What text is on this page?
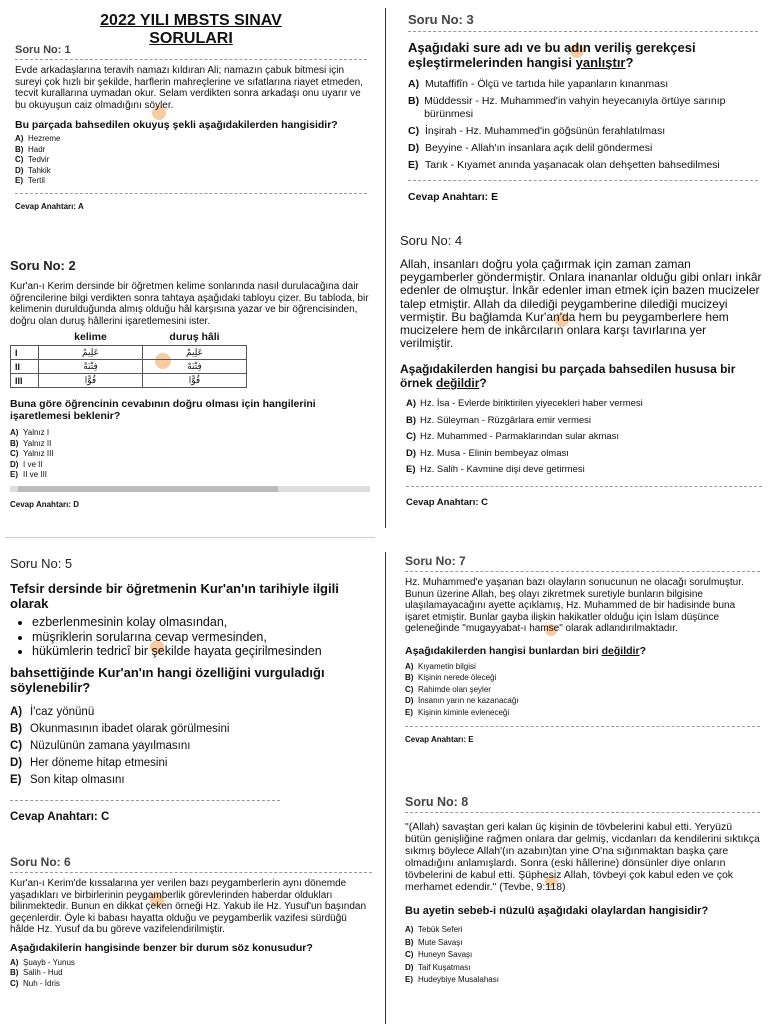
2022 YILI MBSTS SINAV SORULARI
Soru No: 1
Evde arkadaşlarına teravih namazı kıldıran Ali; namazın çabuk bitmesi için sureyi çok hızlı bir şekilde, harflerin mahreçlerine ve sıfatlarına riayet etmeden, tecvit kurallarına uymadan okur. Selam verdikten sonra arkadaşı onu uyarır ve bu okuyuşun caiz olmadığını söyler.
Bu parçada bahsedilen okuyuş şekli aşağıdakilerden hangisidir?
A) Hezreme
B) Hadr
C) Tedvir
D) Tahkik
E) Tertil
Cevap Anahtarı: A
Soru No: 2
Kur'an-ı Kerim dersinde bir öğretmen kelime sonlarında nasıl durulacağına dair öğrencilerine bilgi verdikten sonra tahtaya aşağıdaki tabloyu çizer. Bu tabloda, bir kelimenin durulduğunda almış olduğu hâl karşısına yazar ve bir öğrencisinden, doğru olan duruş hâllerini işaretlemesini ister.
	kelime	duruş hâli
I	عَلِيمٌ	عَلِيمْ
II	فِتْنَةً	فِتْنَهْ
III	قُوًّا	قُوًّا
Buna göre öğrencinin cevabının doğru olması için hangilerini işaretlemesi beklenir?
A) Yalnız I
B) Yalnız II
C) Yalnız III
D) I ve II
E) II ve III
Cevap Anahtarı: D
Soru No: 3
Aşağıdaki sure adı ve bu adın veriliş gerekçesi eşleştirmelerinden hangisi yanlıştır?
A) Mutaffifîn - Ölçü ve tartıda hile yapanların kınanması
B) Müddessir - Hz. Muhammed'in vahyin heyecanıyla örtüye sarınıp bürünmesi
C) İnşirah - Hz. Muhammed'in göğsünün ferahlatılması
D) Beyyine - Allah'ın insanlara açık delil göndermesi
E) Tarık - Kıyamet anında yaşanacak olan dehşetten bahsedilmesi
Cevap Anahtarı: E
Soru No: 4
Allah, insanları doğru yola çağırmak için zaman zaman peygamberler göndermiştir. Onlara inananlar olduğu gibi onları inkâr edenler de olmuştur. İnkâr edenler iman etmek için bazen mucizeler talep etmiştir. Allah da dilediği peygamberine dilediği mucizeyi vermiştir. Bu bağlamda Kur'an'da hem bu peygamberlere hem mucizelere hem de inkârcıların onlara karşı tavırlarına yer verilmiştir.
Aşağıdakilerden hangisi bu parçada bahsedilen hususa bir örnek değildir?
A) Hz. İsa - Evlerde biriktirilen yiyecekleri haber vermesi
B) Hz. Süleyman - Rüzgârlara emir vermesi
C) Hz. Muhammed - Parmaklarından sular akması
D) Hz. Musa - Elinin bembeyaz olması
E) Hz. Salih - Kavmine dişi deve getirmesi
Cevap Anahtarı: C
Soru No: 5
Tefsir dersinde bir öğretmenin Kur'an'ın tarihiyle ilgili olarak
• ezberlenmesinin kolay olmasından,
• müşriklerin sorularına cevap vermesinden,
• hükümlerin tedricî bir şekilde hayata geçirilmesinden
bahsettiğinde Kur'an'ın hangi özelliğini vurguladığı söylenebilir?
A) İ'caz yönünü
B) Okunmasının ibadet olarak görülmesini
C) Nüzulünün zamana yayılmasını
D) Her döneme hitap etmesini
E) Son kitap olmasını
Cevap Anahtarı: C
Soru No: 6
Kur'an-ı Kerim'de kıssalarına yer verilen bazı peygamberlerin aynı dönemde yaşadıkları ve birbirlerinin peygamberlik görevlerinden haberdar oldukları bilinmektedir. Bunun en dikkat çeken örneği Hz. Yakub ile Hz. Yusuf'un başından geçenlerdir. Öyle ki babası hayatta olduğu ve peygamberlik vazifesi sürdüğü hâlde Hz. Yusuf da bu göreve vazifelendirilmiştir.
Aşağıdakilerin hangisinde benzer bir durum söz konusudur?
A) Şuayb - Yunus
B) Salih - Hud
C) Nuh - İdris
Soru No: 7
Hz. Muhammed'e yaşanan bazı olayların sonucunun ne olacağı sorulmuştur. Bunun üzerine Allah, beş olayı zikretmek suretiyle bunların bilgisine ulaşılamayacağını ayette açıklamış, Hz. Muhammed de bir hadisinde buna işaret etmiştir. Bunlar gayba ilişkin hakikatler olduğu için İslam düşünce geleneğinde "mugayyabat-ı hamse" olarak adlandırılmaktadır.
Aşağıdakilerden hangisi bunlardan biri değildir?
A) Kıyametin bilgisi
B) Kişinin nerede öleceği
C) Rahimde olan şeyler
D) İnsanın yarın ne kazanacağı
E) Kişinin kiminle evleneceği
Cevap Anahtarı: E
Soru No: 8
"(Allah) savaştan geri kalan üç kişinin de tövbelerini kabul etti. Yeryüzü bütün genişliğine rağmen onlara dar gelmiş, vicdanları da kendilerini sıktıkça sıkmış böylece Allah'(ın azabın)tan yine O'na sığınmaktan başka çare olmadığını anlamışlardı. Sonra (eski hâllerine) dönsünler diye onların tövbelerini de kabul etti. Şüphesiz Allah, tövbeyi çok kabul eden ve çok merhamet edendir." (Tevbe, 9:118)
Bu ayetin sebeb-i nüzulü aşağıdaki olaylardan hangisidir?
A) Tebük Seferi
B) Mute Savaşı
C) Huneyn Savaşı
D) Taif Kuşatması
E) Hudeybiye Musalahası
